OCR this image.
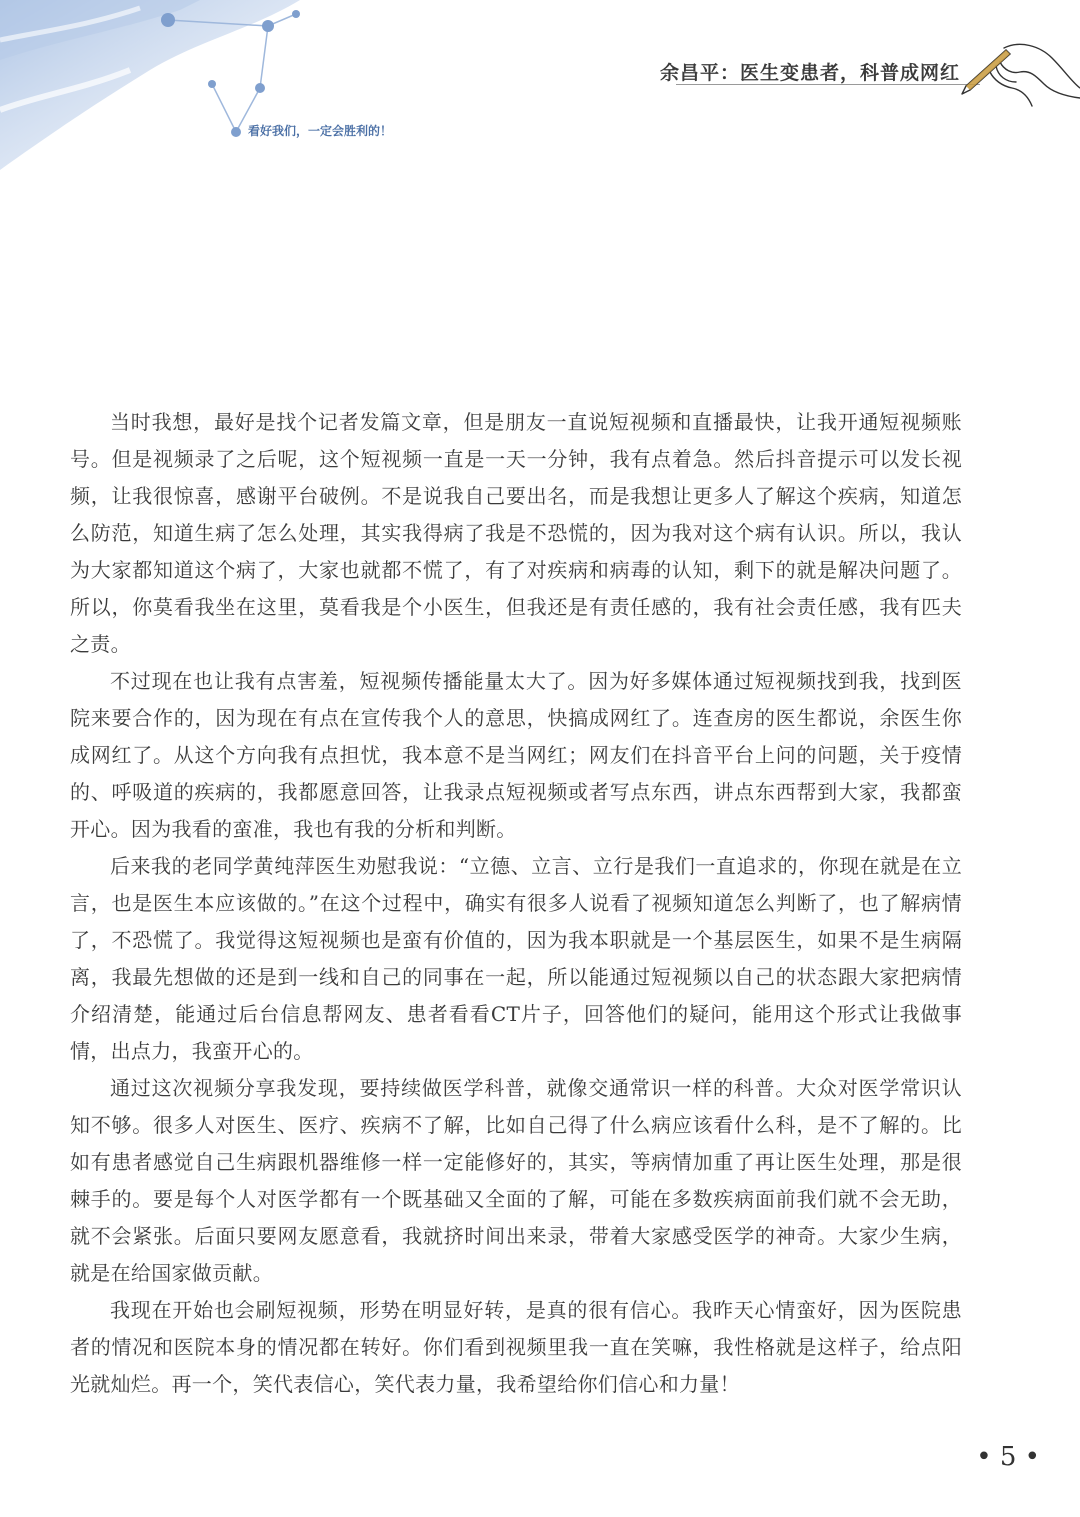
看好我们，一定会胜利的！
余昌平：医生变患者，科普成网红

当时我想，最好是找个记者发篇文章，但是朋友一直说短视频和直播最快，让我开通短视频账号。但是视频录了之后呢，这个短视频一直是一天一分钟，我有点着急。然后抖音提示可以发长视频，让我很惊喜，感谢平台破例。不是说我自己要出名，而是我想让更多人了解这个疾病，知道怎么防范，知道生病了怎么处理，其实我得病了我是不恐慌的，因为我对这个病有认识。所以，我认为大家都知道这个病了，大家也就都不慌了，有了对疾病和病毒的认知，剩下的就是解决问题了。所以，你莫看我坐在这里，莫看我是个小医生，但我还是有责任感的，我有社会责任感，我有匹夫之责。

不过现在也让我有点害羞，短视频传播能量太大了。因为好多媒体通过短视频找到我，找到医院来要合作的，因为现在有点在宣传我个人的意思，快搞成网红了。连查房的医生都说，余医生你成网红了。从这个方向我有点担忧，我本意不是当网红；网友们在抖音平台上问的问题，关于疫情的、呼吸道的疾病的，我都愿意回答，让我录点短视频或者写点东西，讲点东西帮到大家，我都蛮开心。因为我看的蛮准，我也有我的分析和判断。

后来我的老同学黄纯萍医生劝慰我说：“立德、立言、立行是我们一直追求的，你现在就是在立言，也是医生本应该做的。”在这个过程中，确实有很多人说看了视频知道怎么判断了，也了解病情了，不恐慌了。我觉得这短视频也是蛮有价值的，因为我本职就是一个基层医生，如果不是生病隔离，我最先想做的还是到一线和自己的同事在一起，所以能通过短视频以自己的状态跟大家把病情介绍清楚，能通过后台信息帮网友、患者看看CT片子，回答他们的疑问，能用这个形式让我做事情，出点力，我蛮开心的。

通过这次视频分享我发现，要持续做医学科普，就像交通常识一样的科普。大众对医学常识认知不够。很多人对医生、医疗、疾病不了解，比如自己得了什么病应该看什么科，是不了解的。比如有患者感觉自己生病跟机器维修一样一定能修好的，其实，等病情加重了再让医生处理，那是很棘手的。要是每个人对医学都有一个既基础又全面的了解，可能在多数疾病面前我们就不会无助，就不会紧张。后面只要网友愿意看，我就挤时间出来录，带着大家感受医学的神奇。大家少生病，就是在给国家做贡献。

我现在开始也会刷短视频，形势在明显好转，是真的很有信心。我昨天心情蛮好，因为医院患者的情况和医院本身的情况都在转好。你们看到视频里我一直在笑嘛，我性格就是这样子，给点阳光就灿烂。再一个，笑代表信心，笑代表力量，我希望给你们信心和力量！

• 5 •
